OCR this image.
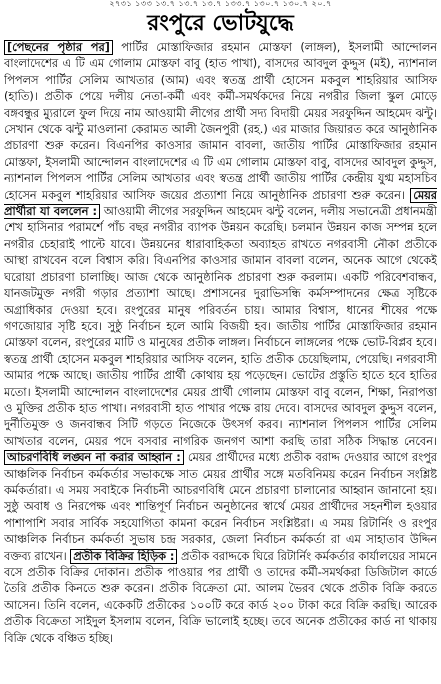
২৭৩১ ১৩৩ ১৩.৭ ১৩.৭ ১৩.৭ ১৩৩.৭ ১৩০.৭ ১৩০.৭ ২০.৭
রংপুরে ভোটযুদ্ধে

[পেছনের পৃষ্ঠার পর] পার্টির মোস্তাফিজার রহমান মোস্তফা (লাঙ্গল), ইসলামী আন্দোলন বাংলাদেশের এ টি এম গোলাম মোস্তফা বাবু (হাত পাখা), বাসদের আবদুল কুদ্দুস (মই), ন্যাশনাল পিপলস পার্টির সেলিম আখতার (আম) এবং স্বতন্ত্র প্রার্থী হোসেন মকবুল শাহরিয়ার আসিফ (হাতি)। প্রতীক পেয়ে দলীয় নেতা-কর্মী এবং কর্মী-সমর্থকদের নিয়ে নগরীর জিলা স্কুল মোড়ে বঙ্গবন্ধুর ম্যুরালে ফুল দিয়ে নাম আওয়ামী লীগের প্রার্থী সদ্য বিদায়ী মেয়র সরফুদ্দিন আহমেদ ঝন্টু। সেখান থেকে ঝন্টু মাওলানা কেরামত আলী জৈনপুরী (রহ.) এর মাজার জিয়ারত করে আনুষ্ঠানিক প্রচারণা শুরু করেন। বিএনপির কাওসার জামান বাবলা, জাতীয় পার্টির মোস্তাফিজার রহমান মোস্তফা, ইসলামী আন্দোলন বাংলাদেশের এ টি এম গোলাম মোস্তফা বাবু, বাসদের আবদুল কুদ্দুস, ন্যাশনাল পিপলস পার্টির সেলিম আখতার এবং স্বতন্ত্র প্রার্থী জাতীয় পার্টির কেন্দ্রীয় যুগ্ম মহাসচিব হোসেন মকবুল শাহরিয়ার আসিফ জয়ের প্রত্যাশা নিয়ে আনুষ্ঠানিক প্রচারণা শুরু করেন। মেয়র প্রার্থীরা যা বললেন : আওয়ামী লীগের সরফুদ্দিন আহমেদ ঝন্টু বলেন, দলীয় সভানেত্রী প্রধানমন্ত্রী শেখ হাসিনার পরামর্শে পাঁচ বছর নগরীর ব্যাপক উন্নয়ন করেছি। চলমান উন্নয়ন কাজ সম্পন্ন হলে নগরীর চেহারাই পাল্টে যাবে। উন্নয়নের ধারাবাহিকতা অব্যাহত রাখতে নগরবাসী নৌকা প্রতীকে আস্থা রাখবেন বলে বিশ্বাস করি। বিএনপির কাওসার জামান বাবলা বলেন, অনেক আগে থেকেই ঘরোয়া প্রচারণা চালাচ্ছি। আজ থেকে আনুষ্ঠানিক প্রচারণা শুরু করলাম। একটি পরিবেশবান্ধব, যানজটমুক্ত নগরী গড়ার প্রত্যাশা আছে। প্রশাসনের দুরাভিসন্ধি কর্মসম্পাদনের ক্ষেত্র সৃষ্টিকে অগ্রাধিকার দেওয়া হবে। রংপুরের মানুষ পরিবর্তন চায়। আমার বিশ্বাস, ধানের শীষের পক্ষে গণজোয়ার সৃষ্টি হবে। সুষ্ঠু নির্বাচন হলে আমি বিজয়ী হব। জাতীয় পার্টির মোস্তাফিজার রহমান মোস্তফা বলেন, রংপুরের মাটি ও মানুষের প্রতীক লাঙ্গল। নির্বাচনে লাঙ্গলের পক্ষে ভোট-বিপ্লব হবে। স্বতন্ত্র প্রার্থী হোসেন মকবুল শাহরিয়ার আসিফ বলেন, হাতি প্রতীক চেয়েছিলাম, পেয়েছি। নগরবাসী আমার পক্ষে আছে। জাতীয় পার্টির প্রার্থী কোথায় হয় পড়েছেন। ভোটের প্রস্তুতি হাতে হবে হাতির মতো। ইসলামী আন্দোলন বাংলাদেশের মেয়র প্রার্থী গোলাম মোস্তফা বাবু বলেন, শিক্ষা, নিরাপত্তা ও মুক্তির প্রতীক হাত পাখা। নগরবাসী হাত পাখার পক্ষে রায় দেবে। বাসদের আবদুল কুদ্দুস বলেন, দুর্নীতিমুক্ত ও জনবান্ধব সিটি গড়তে নিজেকে উৎসর্গ করব। ন্যাশনাল পিপলস পার্টির সেলিম আখতার বলেন, মেয়র পদে বসবার নাগরিক জনগণ আশা করছি তারা সঠিক সিদ্ধান্ত নেবেন। আচরণবিধি লঙ্ঘন না করার আহ্বান : মেয়র প্রার্থীদের মধ্যে প্রতীক বরাদ্দ দেওয়ার আগে রংপুর আঞ্চলিক নির্বাচন কর্মকর্তার সভাকক্ষে সাত মেয়র প্রার্থীর সঙ্গে মতবিনিময় করেন নির্বাচন সংশ্লিষ্ট কর্মকর্তারা। এ সময় সবাইকে নির্বাচনী আচরণবিধি মেনে প্রচারণা চালানোর আহ্বান জানানো হয়। সুষ্ঠু অবাধ ও নিরপেক্ষ এবং শান্তিপূর্ণ নির্বাচন অনুষ্ঠানের স্বার্থে মেয়র প্রার্থীদের সহনশীল হওয়ার পাশাপাশি সবার সার্বিক সহযোগিতা কামনা করেন নির্বাচন সংশ্লিষ্টরা। এ সময় রিটার্নিং ও রংপুর আঞ্চলিক নির্বাচন কর্মকর্তা সুভাষ চন্দ্র সরকার, জেলা নির্বাচন কর্মকর্তা রা এম সাহাতাব উদ্দিন বক্তব্য রাখেন। প্রতীক বিক্রির হিড়িক : প্রতীক বরাদ্দকে ঘিরে রিটার্নিং কর্মকর্তার কার্যালয়ের সামনে বসে প্রতীক বিক্রির দোকান। প্রতীক পাওয়ার পর প্রার্থী ও তাদের কর্মী-সমর্থকরা ডিজিটাল কার্ডে তৈরি প্রতীক কিনতে শুরু করেন। প্রতীক বিক্রেতা মো. আলম ভৈরব থেকে প্রতীক বিক্রি করতে আসেন। তিনি বলেন, একেকটি প্রতীকের ১০০টি করে কার্ড ২০০ টাকা করে বিক্রি করছি। আরেক প্রতীক বিক্রেতা সাইদুল ইসলাম বলেন, বিক্রি ভালোই হচ্ছে। তবে অনেক প্রতীকের কার্ড না থাকায় বিক্রি থেকে বঞ্চিত হচ্ছি।
